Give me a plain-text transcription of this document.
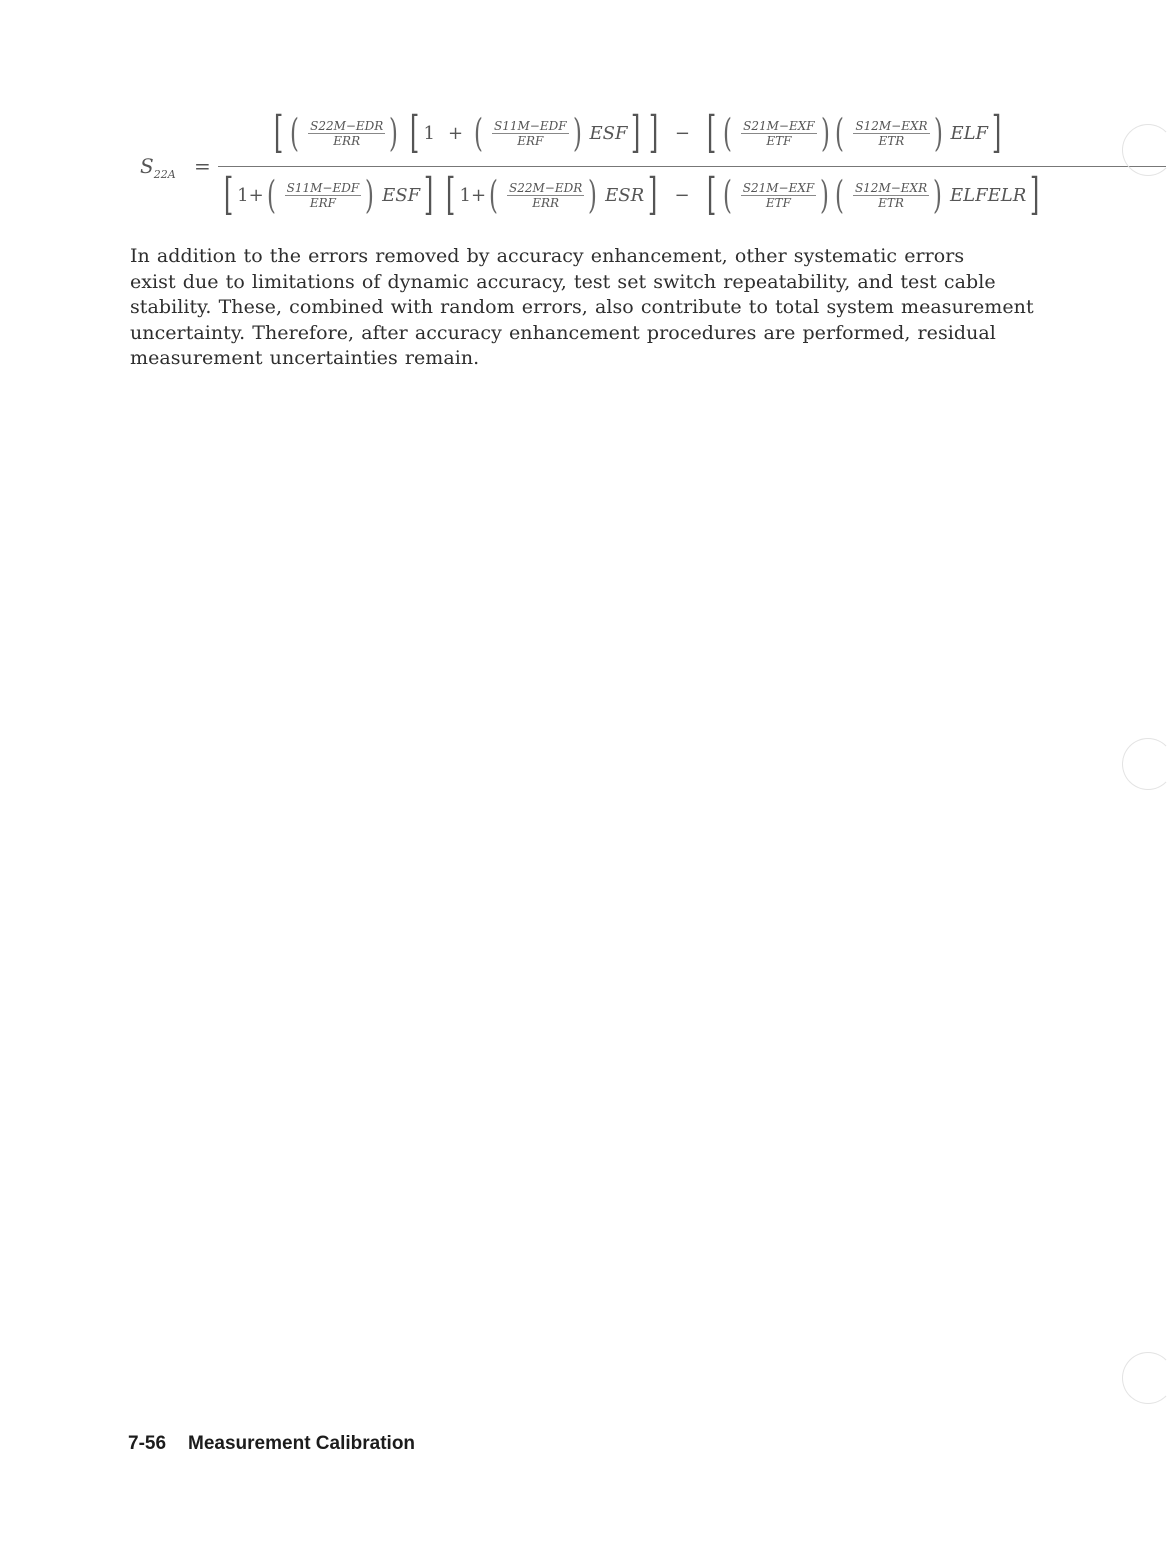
$S_{22A}$ =
[ ( S22M−EDR
ERR ) [ 1 + ( S11M−EDF
ERF ) ESF] ] − [ ( S21M−EXF
ETF ) ( S12M−EXR
ETR ) ELF]
[ 1+( S11M−EDF
ERF ) ESF] [ 1+( S22M−EDR
ERR ) ESR] − [ ( S21M−EXF
ETF ) ( S12M−EXR
ETR ) ELFELR]
In addition to the errors removed by accuracy enhancement, other systematic errors
exist due to limitations of dynamic accuracy, test set switch repeatability, and test cable
stability. These, combined with random errors, also contribute to total system measurement
uncertainty. Therefore, after accuracy enhancement procedures are performed, residual
measurement uncertainties remain.
7-56 Measurement Calibration
